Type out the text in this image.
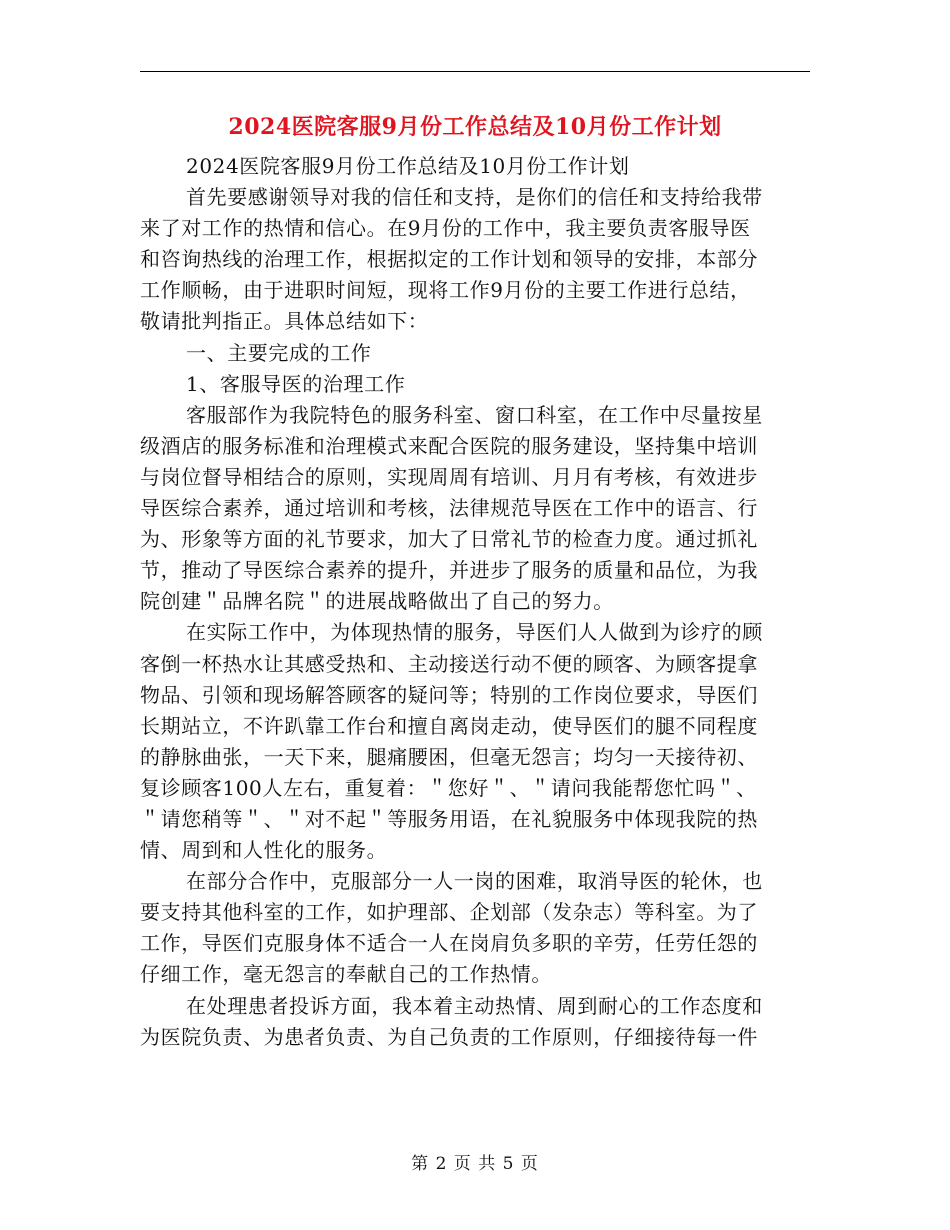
2024医院客服9月份工作总结及10月份工作计划
2024医院客服9月份工作总结及10月份工作计划
首先要感谢领导对我的信任和支持，是你们的信任和支持给我带
来了对工作的热情和信心。在9月份的工作中，我主要负责客服导医
和咨询热线的治理工作，根据拟定的工作计划和领导的安排，本部分
工作顺畅，由于进职时间短，现将工作9月份的主要工作进行总结，
敬请批判指正。具体总结如下：
一、主要完成的工作
1、客服导医的治理工作
客服部作为我院特色的服务科室、窗口科室，在工作中尽量按星
级酒店的服务标准和治理模式来配合医院的服务建设，坚持集中培训
与岗位督导相结合的原则，实现周周有培训、月月有考核，有效进步
导医综合素养，通过培训和考核，法律规范导医在工作中的语言、行
为、形象等方面的礼节要求，加大了日常礼节的检查力度。通过抓礼
节，推动了导医综合素养的提升，并进步了服务的质量和品位，为我
院创建＂品牌名院＂的进展战略做出了自己的努力。
在实际工作中，为体现热情的服务，导医们人人做到为诊疗的顾
客倒一杯热水让其感受热和、主动接送行动不便的顾客、为顾客提拿
物品、引领和现场解答顾客的疑问等；特别的工作岗位要求，导医们
长期站立，不许趴靠工作台和擅自离岗走动，使导医们的腿不同程度
的静脉曲张，一天下来，腿痛腰困，但毫无怨言；均匀一天接待初、
复诊顾客100人左右，重复着：＂您好＂、＂请问我能帮您忙吗＂、
＂请您稍等＂、＂对不起＂等服务用语，在礼貌服务中体现我院的热
情、周到和人性化的服务。
在部分合作中，克服部分一人一岗的困难，取消导医的轮休，也
要支持其他科室的工作，如护理部、企划部（发杂志）等科室。为了
工作，导医们克服身体不适合一人在岗肩负多职的辛劳，任劳任怨的
仔细工作，毫无怨言的奉献自己的工作热情。
在处理患者投诉方面，我本着主动热情、周到耐心的工作态度和
为医院负责、为患者负责、为自己负责的工作原则，仔细接待每一件
第 2 页 共 5 页
